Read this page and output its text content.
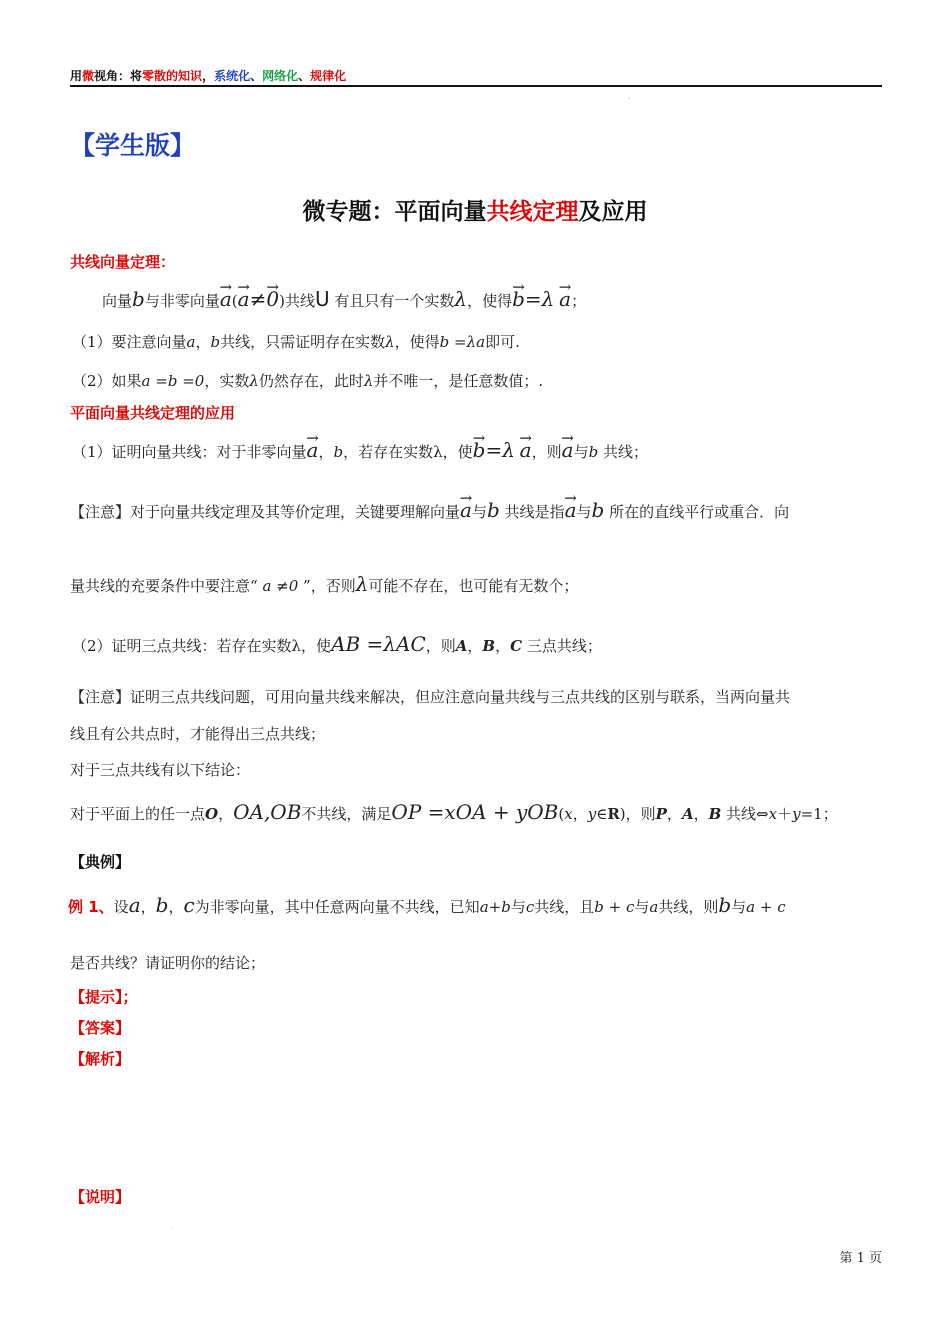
用微视角：将零散的知识，系统化、网络化、规律化
'
【学生版】
微专题：平面向量共线定理及应用
共线向量定理：
向量b与非零向量→ a(→ a≠→ 0)共线U 有且只有一个实数λ，使得→ b=λ → a；
（1）要注意向量a，b共线，只需证明存在实数λ，使得b =λa即可.
（2）如果a =b =0，实数λ仍然存在，此时λ并不唯一，是任意数值；.
平面向量共线定理的应用
（1）证明向量共线：对于非零向量→ a，b，若存在实数λ，使→ b=λ → a，则→ a与b 共线；
【注意】对于向量共线定理及其等价定理，关键要理解向量→ a与b 共线是指→ a与b 所在的直线平行或重合．向
量共线的充要条件中要注意“ a ≠0 ”，否则λ可能不存在，也可能有无数个；
（2）证明三点共线：若存在实数λ，使AB =λAC，则A，B，C 三点共线；
【注意】证明三点共线问题，可用向量共线来解决，但应注意向量共线与三点共线的区别与联系，当两向量共
线且有公共点时，才能得出三点共线；
对于三点共线有以下结论：
对于平面上的任一点O，OA,OB不共线，满足OP =xOA + yOB(x，y∈R)，则P，A，B 共线⇔x＋y=1；
【典例】
例 1、设a，b，c为非零向量，其中任意两向量不共线，已知a+b与c共线，且b + c与a共线，则b与a + c
是否共线？请证明你的结论；
【提示】；
【答案】
【解析】
【说明】
.
第 1 页
